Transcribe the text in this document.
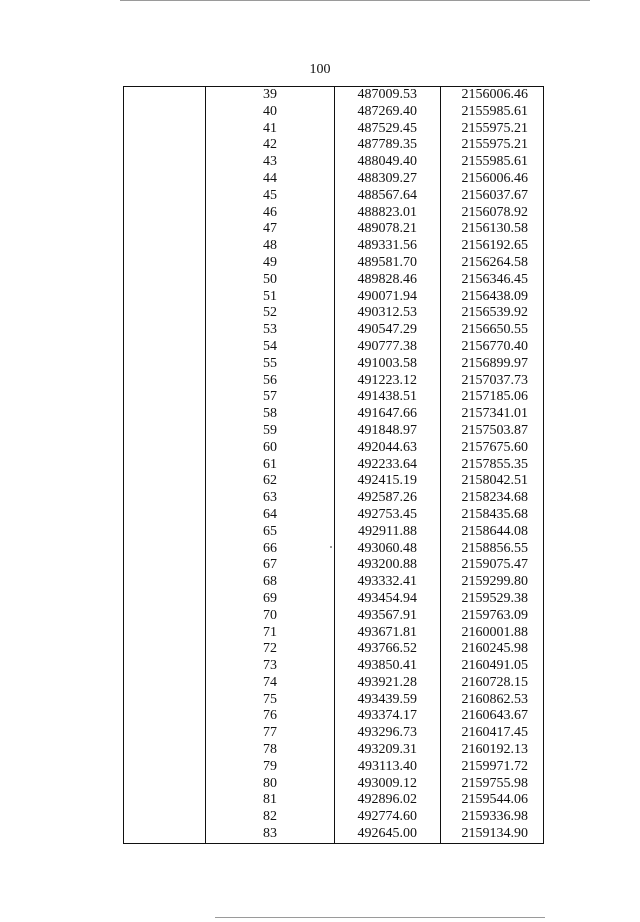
100
	39	487009.53	2156006.46
	40	487269.40	2155985.61
	41	487529.45	2155975.21
	42	487789.35	2155975.21
	43	488049.40	2155985.61
	44	488309.27	2156006.46
	45	488567.64	2156037.67
	46	488823.01	2156078.92
	47	489078.21	2156130.58
	48	489331.56	2156192.65
	49	489581.70	2156264.58
	50	489828.46	2156346.45
	51	490071.94	2156438.09
	52	490312.53	2156539.92
	53	490547.29	2156650.55
	54	490777.38	2156770.40
	55	491003.58	2156899.97
	56	491223.12	2157037.73
	57	491438.51	2157185.06
	58	491647.66	2157341.01
	59	491848.97	2157503.87
	60	492044.63	2157675.60
	61	492233.64	2157855.35
	62	492415.19	2158042.51
	63	492587.26	2158234.68
	64	492753.45	2158435.68
	65	492911.88	2158644.08
	66	493060.48	2158856.55
	67	493200.88	2159075.47
	68	493332.41	2159299.80
	69	493454.94	2159529.38
	70	493567.91	2159763.09
	71	493671.81	2160001.88
	72	493766.52	2160245.98
	73	493850.41	2160491.05
	74	493921.28	2160728.15
	75	493439.59	2160862.53
	76	493374.17	2160643.67
	77	493296.73	2160417.45
	78	493209.31	2160192.13
	79	493113.40	2159971.72
	80	493009.12	2159755.98
	81	492896.02	2159544.06
	82	492774.60	2159336.98
	83	492645.00	2159134.90
